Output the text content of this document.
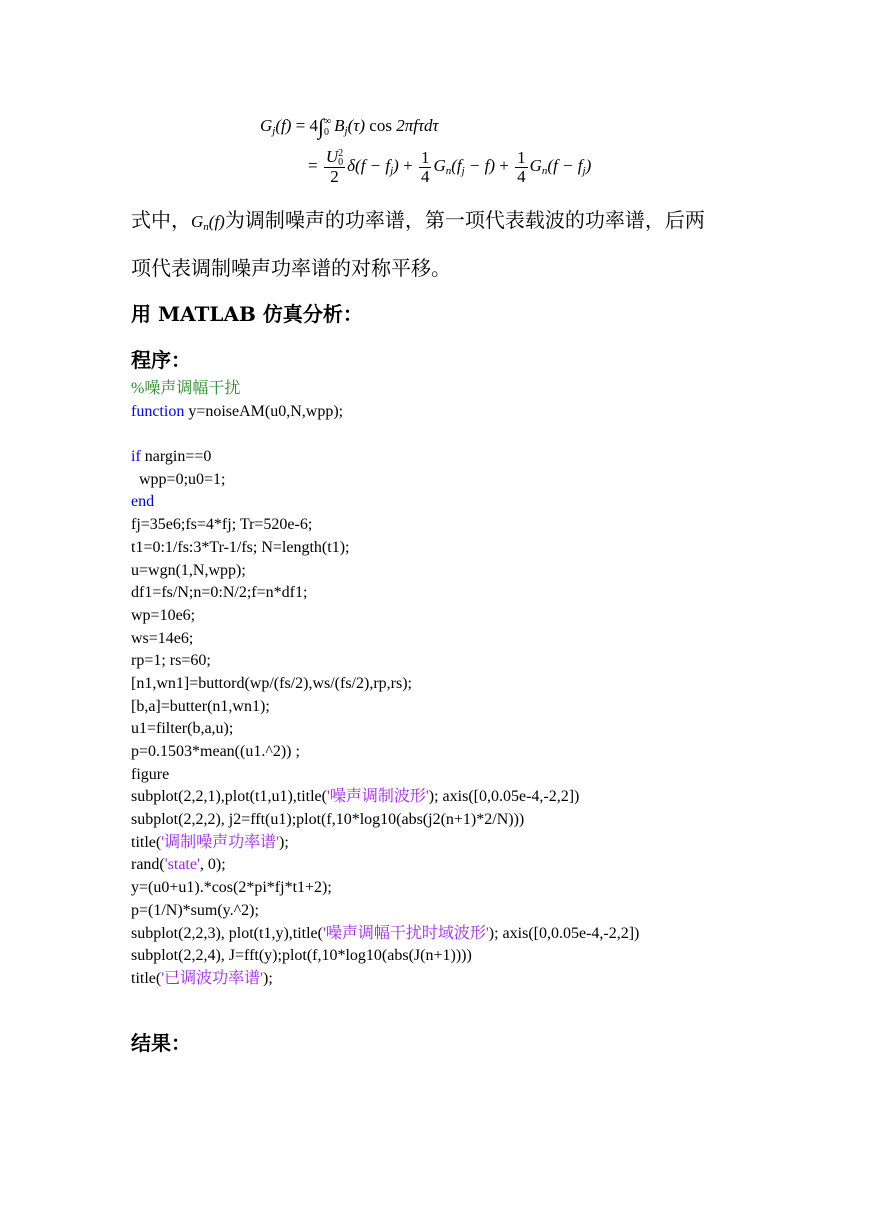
$G_j(f) = 4\int$ ∞
0 $B_j(\tau)$ cos 2πfτdτ
= U 2
0
2 $\delta(f - f_j) + \frac{1}{4} G_n(f_j - f) + \frac{1}{4} G_n(f - f_j)$
式中，$G_n(f)$为调制噪声的功率谱，第一项代表载波的功率谱，后两
项代表调制噪声功率谱的对称平移。
用 MATLAB 仿真分析：
程序：
%噪声调幅干扰
function y=noiseAM(u0,N,wpp);
if nargin==0
wpp=0;u0=1;
end
fj=35e6;fs=4*fj; Tr=520e-6;
t1=0:1/fs:3*Tr-1/fs; N=length(t1);
u=wgn(1,N,wpp);
df1=fs/N;n=0:N/2;f=n*df1;
wp=10e6;
ws=14e6;
rp=1; rs=60;
[n1,wn1]=buttord(wp/(fs/2),ws/(fs/2),rp,rs);
[b,a]=butter(n1,wn1);
u1=filter(b,a,u);
p=0.1503*mean((u1.^2)) ;
figure
subplot(2,2,1),plot(t1,u1),title('噪声调制波形'); axis([0,0.05e-4,-2,2])
subplot(2,2,2), j2=fft(u1);plot(f,10*log10(abs(j2(n+1)*2/N)))
title('调制噪声功率谱');
rand('state', 0);
y=(u0+u1).*cos(2*pi*fj*t1+2);
p=(1/N)*sum(y.^2);
subplot(2,2,3), plot(t1,y),title('噪声调幅干扰时域波形'); axis([0,0.05e-4,-2,2])
subplot(2,2,4), J=fft(y);plot(f,10*log10(abs(J(n+1))))
title('已调波功率谱');
结果：
